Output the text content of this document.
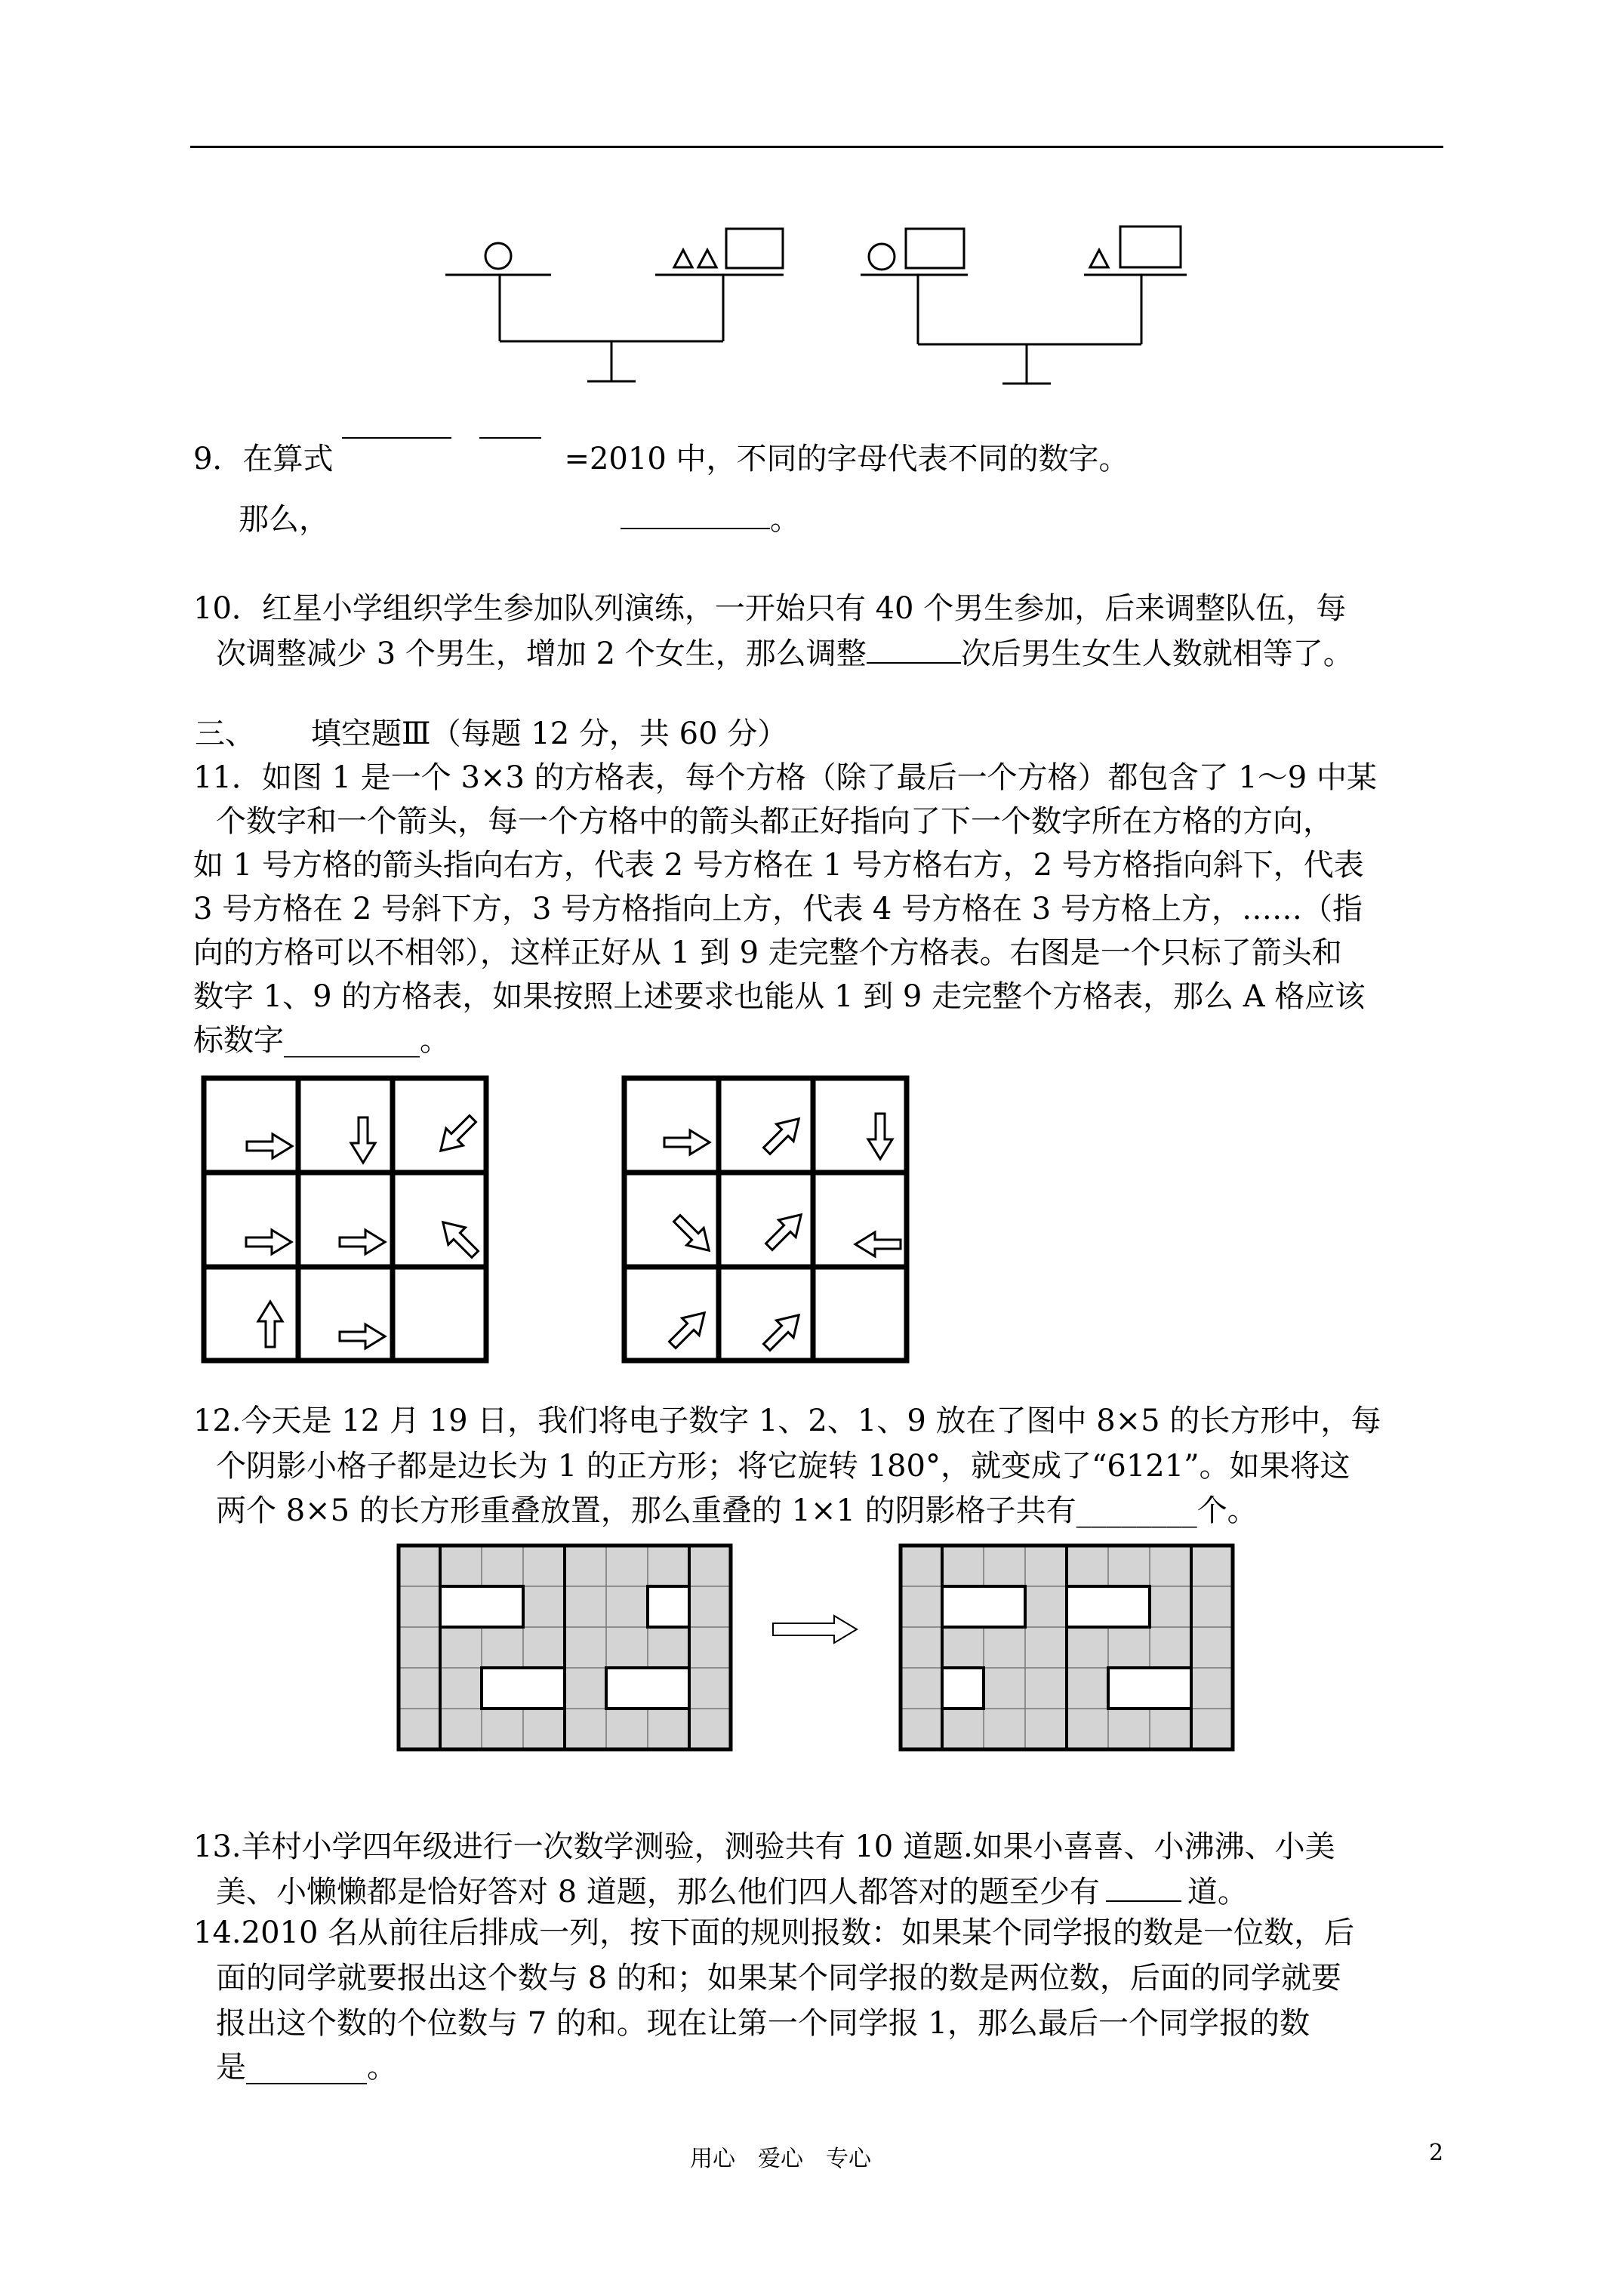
9．在算式	=2010 中，不同的字母代表不同的数字。
那么，	。
10．红星小学组织学生参加队列演练，一开始只有 40 个男生参加，后来调整队伍，每
次调整减少 3 个男生，增加 2 个女生，那么调整	次后男生女生人数就相等了。
三、 填空题Ⅲ（每题 12 分，共 60 分）
11．如图 1 是一个 3×3 的方格表，每个方格（除了最后一个方格）都包含了 1～9 中某
个数字和一个箭头，每一个方格中的箭头都正好指向了下一个数字所在方格的方向，
如 1 号方格的箭头指向右方，代表 2 号方格在 1 号方格右方，2 号方格指向斜下，代表
3 号方格在 2 号斜下方，3 号方格指向上方，代表 4 号方格在 3 号方格上方，……（指
向的方格可以不相邻），这样正好从 1 到 9 走完整个方格表。右图是一个只标了箭头和
数字 1、9 的方格表，如果按照上述要求也能从 1 到 9 走完整个方格表，那么 A 格应该
标数字_________。
12.今天是 12 月 19 日，我们将电子数字 1、2、1、9 放在了图中 8×5 的长方形中，每
个阴影小格子都是边长为 1 的正方形；将它旋转 180°，就变成了“6121”。如果将这
两个 8×5 的长方形重叠放置，那么重叠的 1×1 的阴影格子共有________个。
13.羊村小学四年级进行一次数学测验，测验共有 10 道题.如果小喜喜、小沸沸、小美
美、小懒懒都是恰好答对 8 道题，那么他们四人都答对的题至少有	道。
14.2010 名从前往后排成一列，按下面的规则报数：如果某个同学报的数是一位数，后
面的同学就要报出这个数与 8 的和；如果某个同学报的数是两位数，后面的同学就要
报出这个数的个位数与 7 的和。现在让第一个同学报 1，那么最后一个同学报的数
是________。
用心　爱心　专心	2
